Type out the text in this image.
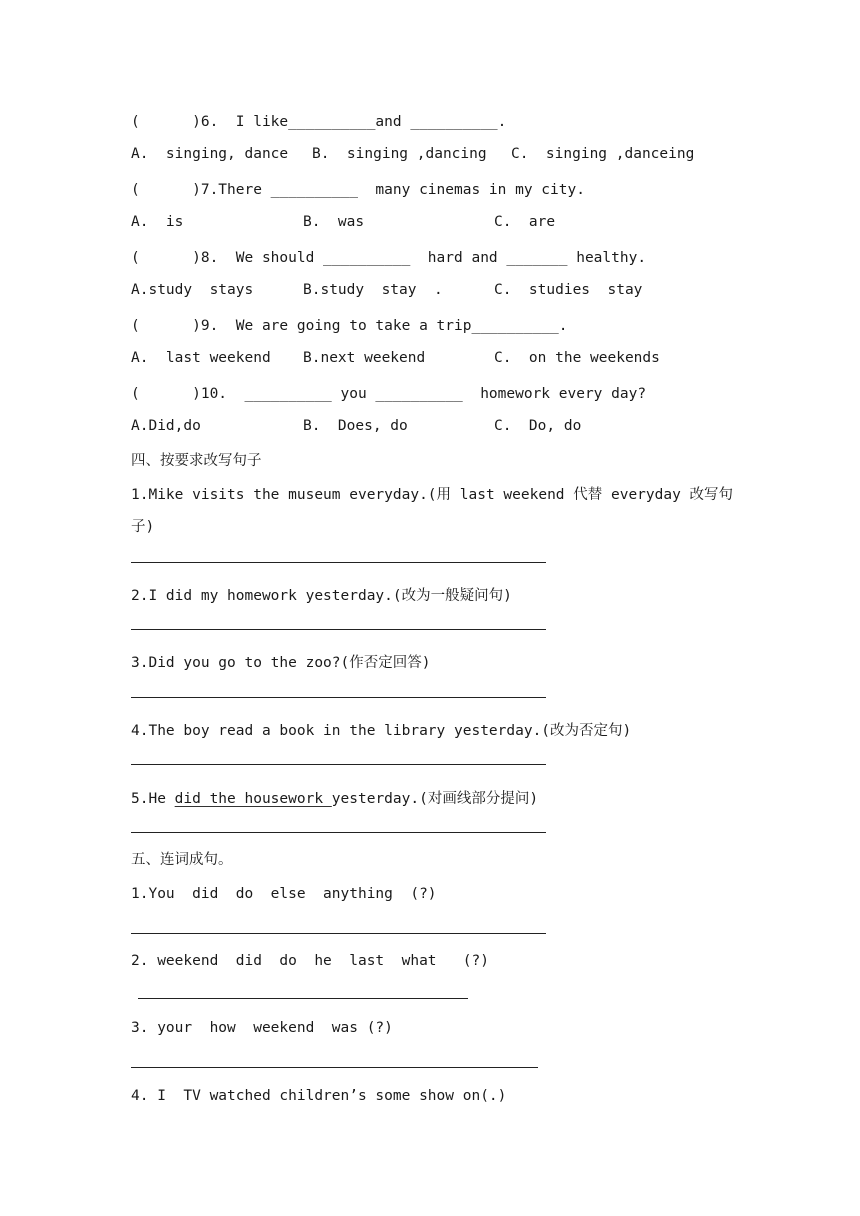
(      )6.  I like__________and __________.
A.  singing, dance B.  singing ,dancing C.  singing ,danceing
(      )7.There __________  many cinemas in my city.
A.  is	B.  was	C.  are
(      )8.  We should __________  hard and _______ healthy.
A.study  stays	B.study  stay  .	C.  studies  stay
(      )9.  We are going to take a trip__________.
A.  last weekend B.next weekend	C.  on the weekends
(      )10.  __________ you __________  homework every day?
A.Did,do	B.  Does, do	C.  Do, do
四、按要求改写句子
1.Mike visits the museum everyday.(用 last weekend 代替 everyday 改写句
子)
2.I did my homework yesterday.(改为一般疑问句)
3.Did you go to the zoo?(作否定回答)
4.The boy read a book in the library yesterday.(改为否定句)
5.He did the housework yesterday.(对画线部分提问)
五、连词成句。
1.You  did  do  else  anything  (?)
2. weekend  did  do  he  last  what   (?)
3. your  how  weekend  was (?)
4. I  TV watched children’s some show on(.)
